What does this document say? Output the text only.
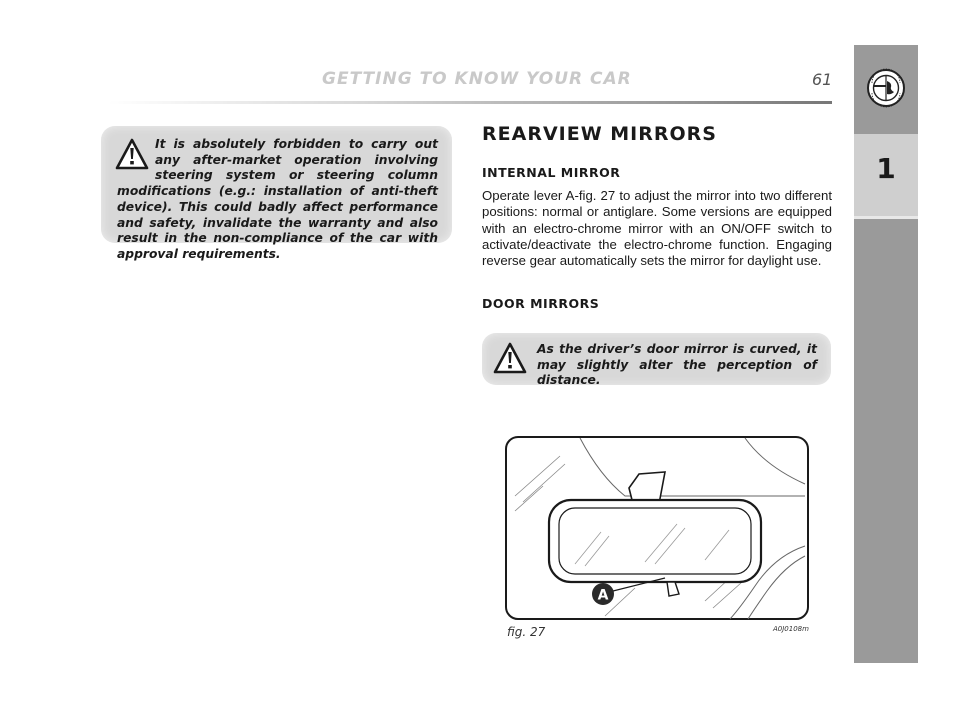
GETTING TO KNOW YOUR CAR	61
1
It is absolutely forbidden to carry out any after-market operation involving steering system or steering column modifications (e.g.: installation of anti-theft device). This could badly affect performance and safety, invalidate the warranty and also result in the non-compliance of the car with approval requirements.
REARVIEW MIRRORS
INTERNAL MIRROR
Operate lever A-fig. 27 to adjust the mirror into two different positions: normal or antiglare. Some versions are equipped with an electro-chrome mirror with an ON/OFF switch to activate/deactivate the electro-chrome function. Engaging reverse gear automatically sets the mirror for daylight use.
DOOR MIRRORS
As the driver’s door mirror is curved, it may slightly alter the perception of distance.
A
fig. 27	A0J0108m
